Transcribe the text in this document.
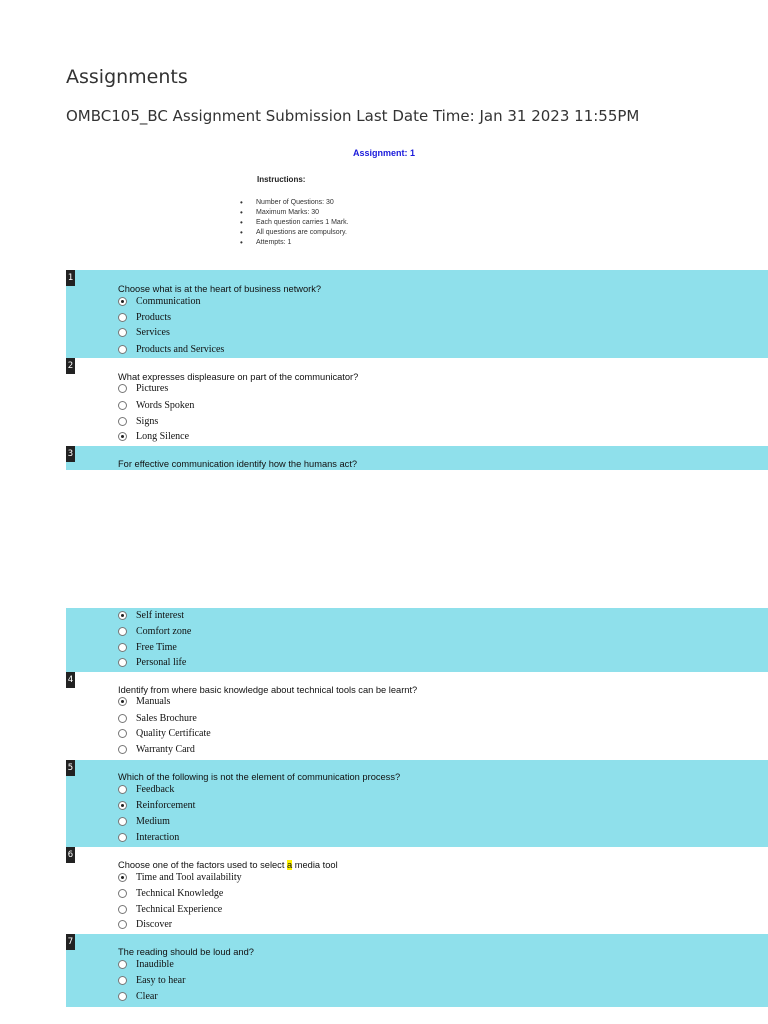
Assignments
OMBC105_BC Assignment Submission Last Date Time: Jan 31 2023 11:55PM
Assignment: 1
Instructions:
• Number of Questions: 30
• Maximum Marks: 30
• Each question carries 1 Mark.
• All questions are compulsory.
• Attempts: 1
1
Choose what is at the heart of business network?
Communication
Products
Services
Products and Services
2
What expresses displeasure on part of the communicator?
Pictures
Words Spoken
Signs
Long Silence
3
For effective communication identify how the humans act?
Self interest
Comfort zone
Free Time
Personal life
4
Identify from where basic knowledge about technical tools can be learnt?
Manuals
Sales Brochure
Quality Certificate
Warranty Card
5
Which of the following is not the element of communication process?
Feedback
Reinforcement
Medium
Interaction
6
Choose one of the factors used to select a media tool
Time and Tool availability
Technical Knowledge
Technical Experience
Discover
7
The reading should be loud and?
Inaudible
Easy to hear
Clear
